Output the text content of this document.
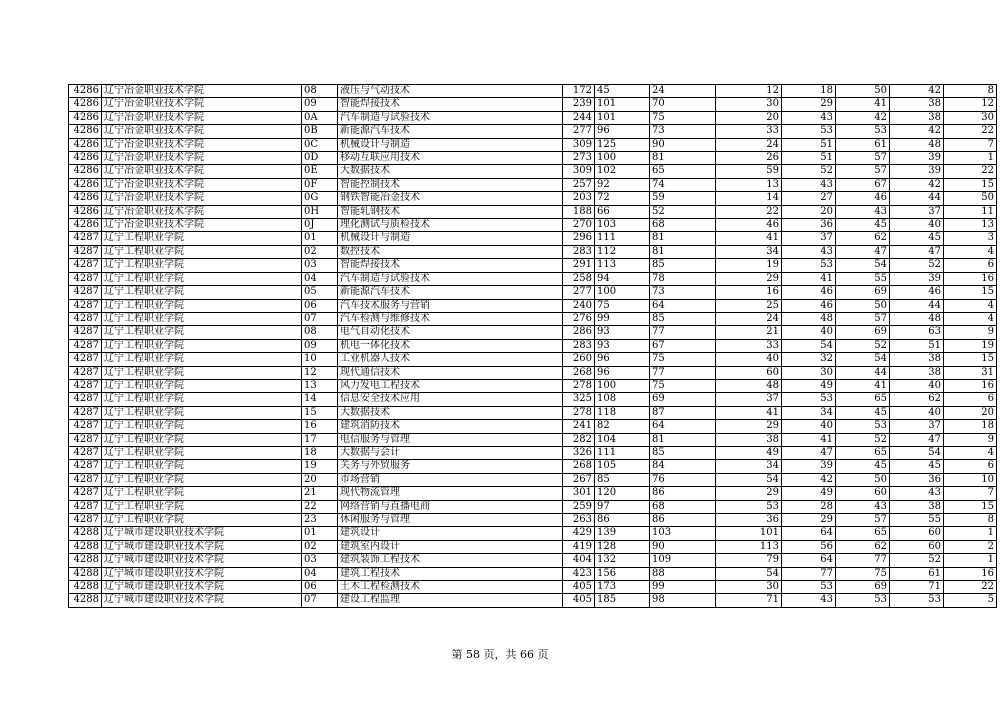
4286	辽宁冶金职业技术学院	08	液压与气动技术	172	45	24	12	18	50	42	8
4286	辽宁冶金职业技术学院	09	智能焊接技术	239	101	70	30	29	41	38	12
4286	辽宁冶金职业技术学院	0A	汽车制造与试验技术	244	101	75	20	43	42	38	30
4286	辽宁冶金职业技术学院	0B	新能源汽车技术	277	96	73	33	53	53	42	22
4286	辽宁冶金职业技术学院	0C	机械设计与制造	309	125	90	24	51	61	48	7
4286	辽宁冶金职业技术学院	0D	移动互联应用技术	273	100	81	26	51	57	39	1
4286	辽宁冶金职业技术学院	0E	大数据技术	309	102	65	59	52	57	39	22
4286	辽宁冶金职业技术学院	0F	智能控制技术	257	92	74	13	43	67	42	15
4286	辽宁冶金职业技术学院	0G	钢铁智能冶金技术	203	72	59	14	27	46	44	50
4286	辽宁冶金职业技术学院	0H	智能轧钢技术	188	66	52	22	20	43	37	11
4286	辽宁冶金职业技术学院	0J	理化测试与质检技术	270	103	68	46	36	45	40	13
4287	辽宁工程职业学院	01	机械设计与制造	296	111	81	41	37	62	45	3
4287	辽宁工程职业学院	02	数控技术	283	112	81	34	43	47	47	4
4287	辽宁工程职业学院	03	智能焊接技术	291	113	85	19	53	54	52	6
4287	辽宁工程职业学院	04	汽车制造与试验技术	258	94	78	29	41	55	39	16
4287	辽宁工程职业学院	05	新能源汽车技术	277	100	73	16	46	69	46	15
4287	辽宁工程职业学院	06	汽车技术服务与营销	240	75	64	25	46	50	44	4
4287	辽宁工程职业学院	07	汽车检测与维修技术	276	99	85	24	48	57	48	4
4287	辽宁工程职业学院	08	电气自动化技术	286	93	77	21	40	69	63	9
4287	辽宁工程职业学院	09	机电一体化技术	283	93	67	33	54	52	51	19
4287	辽宁工程职业学院	10	工业机器人技术	260	96	75	40	32	54	38	15
4287	辽宁工程职业学院	12	现代通信技术	268	96	77	60	30	44	38	31
4287	辽宁工程职业学院	13	风力发电工程技术	278	100	75	48	49	41	40	16
4287	辽宁工程职业学院	14	信息安全技术应用	325	108	69	37	53	65	62	6
4287	辽宁工程职业学院	15	大数据技术	278	118	87	41	34	45	40	20
4287	辽宁工程职业学院	16	建筑消防技术	241	82	64	29	40	53	37	18
4287	辽宁工程职业学院	17	电信服务与管理	282	104	81	38	41	52	47	9
4287	辽宁工程职业学院	18	大数据与会计	326	111	85	49	47	65	54	4
4287	辽宁工程职业学院	19	关务与外贸服务	268	105	84	34	39	45	45	6
4287	辽宁工程职业学院	20	市场营销	267	85	76	54	42	50	36	10
4287	辽宁工程职业学院	21	现代物流管理	301	120	86	29	49	60	43	7
4287	辽宁工程职业学院	22	网络营销与直播电商	259	97	68	53	28	43	38	15
4287	辽宁工程职业学院	23	休闲服务与管理	263	86	86	36	29	57	55	8
4288	辽宁城市建设职业技术学院	01	建筑设计	429	139	103	101	64	65	60	1
4288	辽宁城市建设职业技术学院	02	建筑室内设计	419	128	90	113	56	62	60	2
4288	辽宁城市建设职业技术学院	03	建筑装饰工程技术	404	132	109	79	64	77	52	1
4288	辽宁城市建设职业技术学院	04	建筑工程技术	423	156	88	54	77	75	61	16
4288	辽宁城市建设职业技术学院	06	土木工程检测技术	405	173	99	30	53	69	71	22
4288	辽宁城市建设职业技术学院	07	建设工程监理	405	185	98	71	43	53	53	5
第 58 页，共 66 页
